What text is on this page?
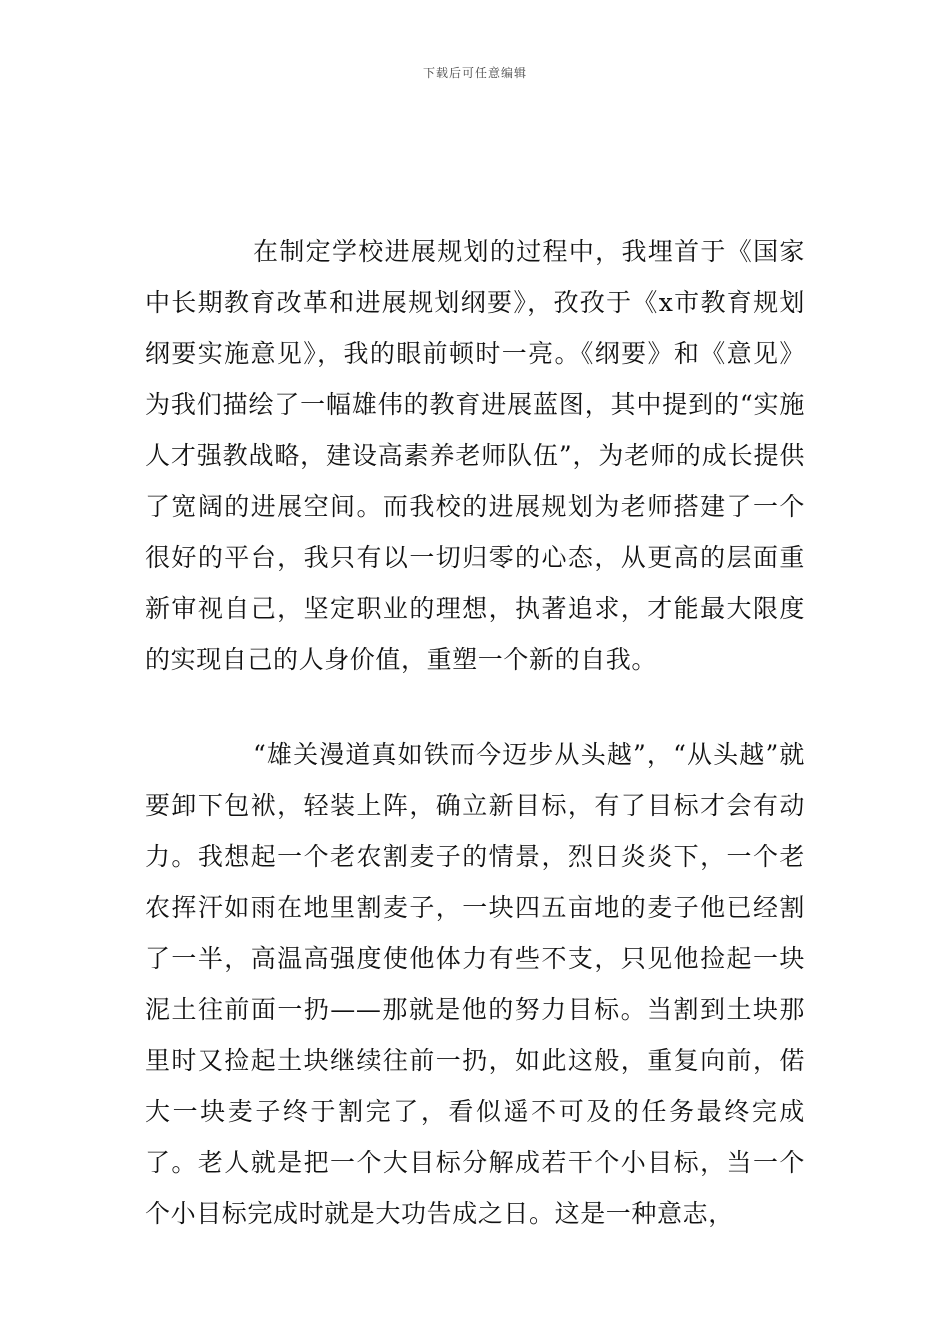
下载后可任意编辑

在制定学校进展规划的过程中，我埋首于《国家中长期教育改革和进展规划纲要》，孜孜于《x市教育规划纲要实施意见》，我的眼前顿时一亮。《纲要》和《意见》为我们描绘了一幅雄伟的教育进展蓝图，其中提到的“实施人才强教战略，建设高素养老师队伍”，为老师的成长提供了宽阔的进展空间。而我校的进展规划为老师搭建了一个很好的平台，我只有以一切归零的心态，从更高的层面重新审视自己，坚定职业的理想，执著追求，才能最大限度的实现自己的人身价值，重塑一个新的自我。

“雄关漫道真如铁而今迈步从头越”，“从头越”就要卸下包袱，轻装上阵，确立新目标，有了目标才会有动力。我想起一个老农割麦子的情景，烈日炎炎下，一个老农挥汗如雨在地里割麦子，一块四五亩地的麦子他已经割了一半，高温高强度使他体力有些不支，只见他捡起一块泥土往前面一扔——那就是他的努力目标。当割到土块那里时又捡起土块继续往前一扔，如此这般，重复向前，偌大一块麦子终于割完了，看似遥不可及的任务最终完成了。老人就是把一个大目标分解成若干个小目标，当一个个小目标完成时就是大功告成之日。这是一种意志，
